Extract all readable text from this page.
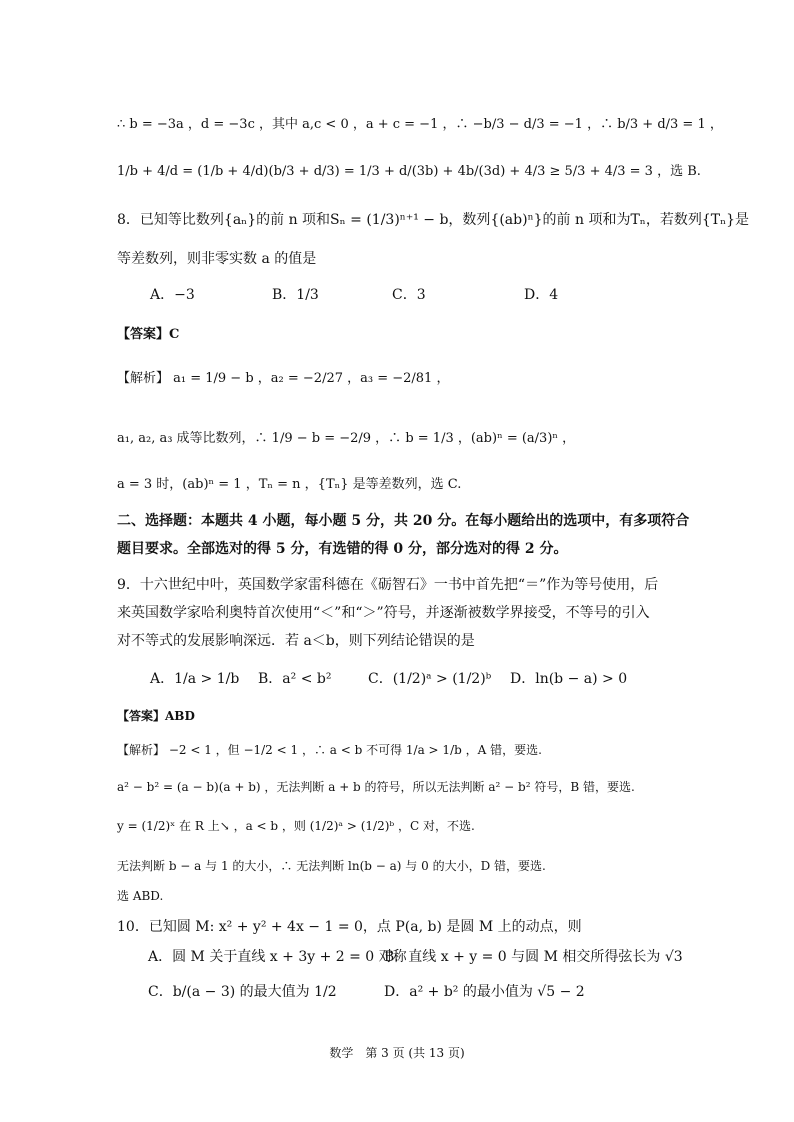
∴ b = −3a ，d = −3c ，其中 a,c < 0 ，a + c = −1 ，∴ −b/3 − d/3 = −1 ，∴ b/3 + d/3 = 1 ，
1/b + 4/d = (1/b + 4/d)(b/3 + d/3) = 1/3 + d/(3b) + 4b/(3d) + 4/3 ≥ 5/3 + 4/3 = 3 ，选 B.
8．已知等比数列{aₙ}的前 n 项和Sₙ = (1/3)ⁿ⁺¹ − b，数列{(ab)ⁿ}的前 n 项和为Tₙ，若数列{Tₙ}是
等差数列，则非零实数 a 的值是
A．−3	B．1/3	C．3	D．4
【答案】C
【解析】 a₁ = 1/9 − b ，a₂ = −2/27 ，a₃ = −2/81 ，
a₁, a₂, a₃ 成等比数列，∴ 1/9 − b = −2/9 ，∴ b = 1/3 ，(ab)ⁿ = (a/3)ⁿ ，
a = 3 时，(ab)ⁿ = 1 ，Tₙ = n ，{Tₙ} 是等差数列，选 C.
二、选择题：本题共 4 小题，每小题 5 分，共 20 分。在每小题给出的选项中，有多项符合
题目要求。全部选对的得 5 分，有选错的得 0 分，部分选对的得 2 分。
9．十六世纪中叶，英国数学家雷科德在《砺智石》一书中首先把“＝”作为等号使用，后
来英国数学家哈利奥特首次使用“＜”和“＞”符号，并逐渐被数学界接受，不等号的引入
对不等式的发展影响深远．若 a＜b，则下列结论错误的是
A．1/a > 1/b B．a² < b²	C．(1/2)ᵃ > (1/2)ᵇ D．ln(b − a) > 0
【答案】ABD
【解析】 −2 < 1 ，但 −1/2 < 1 ，∴ a < b 不可得 1/a > 1/b ，A 错，要选.
a² − b² = (a − b)(a + b) ，无法判断 a + b 的符号，所以无法判断 a² − b² 符号，B 错，要选.
y = (1/2)ˣ 在 R 上↘ ，a < b ，则 (1/2)ᵃ > (1/2)ᵇ ，C 对，不选.
无法判断 b − a 与 1 的大小，∴ 无法判断 ln(b − a) 与 0 的大小，D 错，要选.
选 ABD.
10．已知圆 M: x² + y² + 4x − 1 = 0，点 P(a, b) 是圆 M 上的动点，则
A．圆 M 关于直线 x + 3y + 2 = 0 对称
B．直线 x + y = 0 与圆 M 相交所得弦长为 √3
C．b/(a − 3) 的最大值为 1/2	D．a² + b² 的最小值为 √5 − 2
数学　第 3 页 (共 13 页)
